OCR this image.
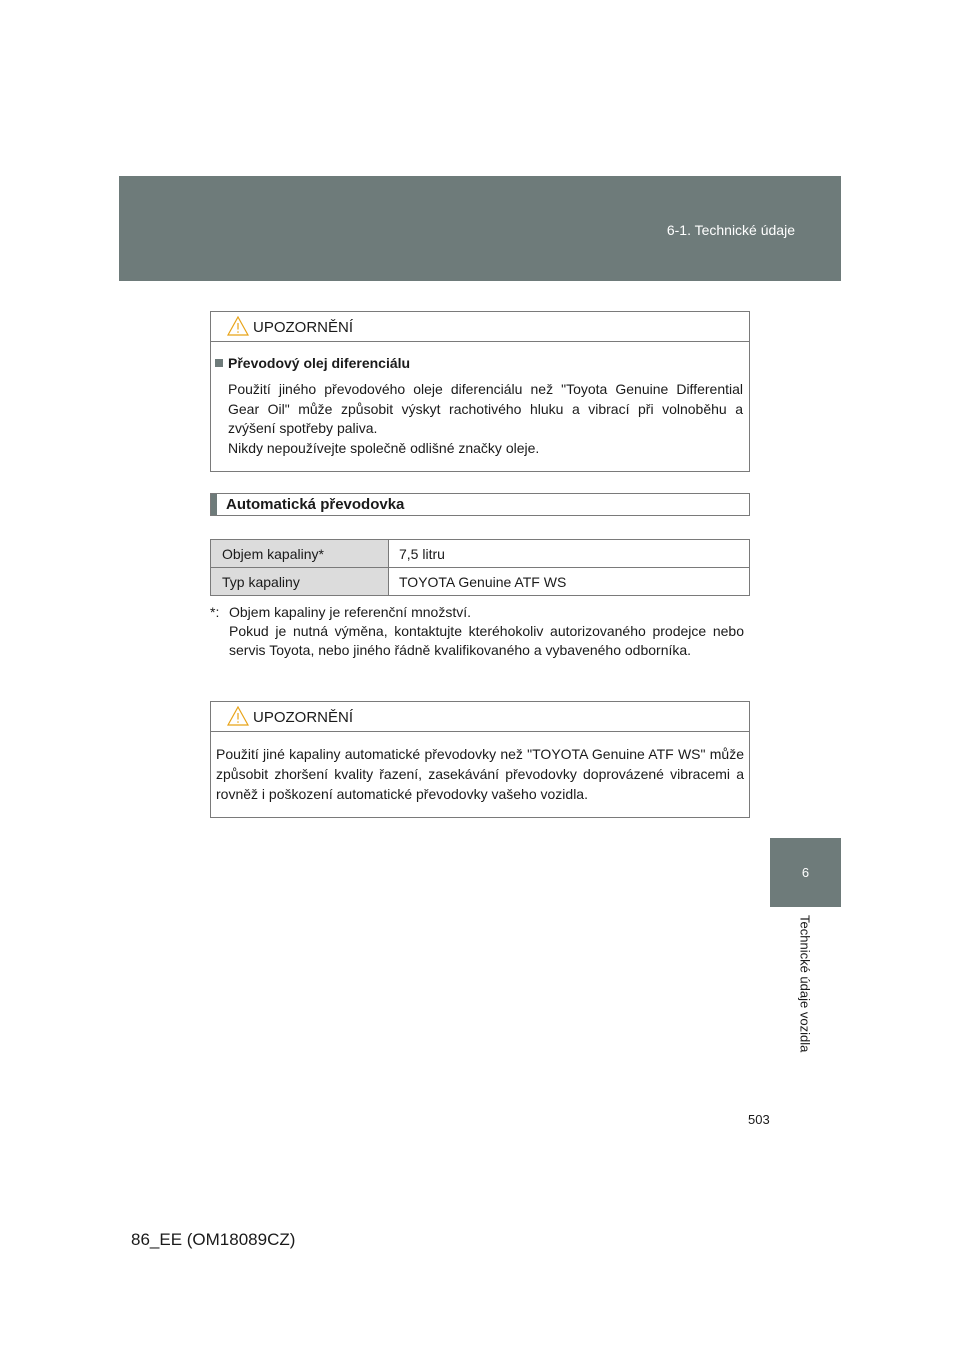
6-1. Technické údaje
UPOZORNĚNÍ
Převodový olej diferenciálu
Použití jiného převodového oleje diferenciálu než "Toyota Genuine Differential Gear Oil" může způsobit výskyt rachotivého hluku a vibrací při volnoběhu a zvýšení spotřeby paliva.
Nikdy nepoužívejte společně odlišné značky oleje.
Automatická převodovka
Objem kapaliny*	7,5 litru
Typ kapaliny	TOYOTA Genuine ATF WS
*: Objem kapaliny je referenční množství.
Pokud je nutná výměna, kontaktujte kteréhokoliv autorizovaného prodejce nebo servis Toyota, nebo jiného řádně kvalifikovaného a vybaveného odborníka.
UPOZORNĚNÍ
Použití jiné kapaliny automatické převodovky než "TOYOTA Genuine ATF WS" může způsobit zhoršení kvality řazení, zasekávání převodovky doprovázené vibracemi a rovněž i poškození automatické převodovky vašeho vozidla.
6
Technické údaje vozidla
503
86_EE (OM18089CZ)
